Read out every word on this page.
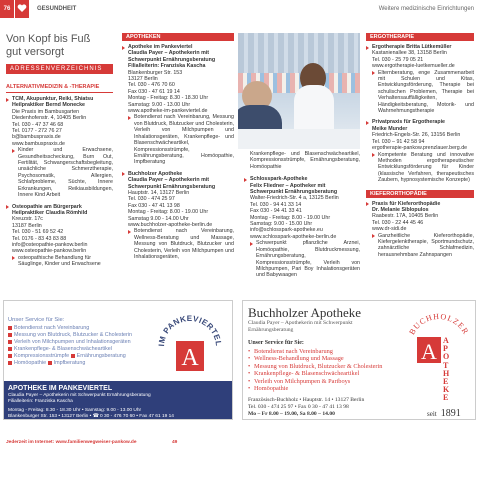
76	GESUNDHEIT	Weitere medizinische Einrichtungen
Von Kopf bis Fuß
gut versorgt
ADRESSENVERZEICHNIS
ALTERNATIVMEDIZIN & -THERAPIE
TCM, Akupunktur, Reiki, Shiatsu
Heilpraktiker Bernd Monecke
Die Praxis im Bambusgarten
Diedenhofenstr. 4, 10405 Berlin
Tel. 030 - 47 37 46 68
Tel. 0177 - 272 76 27
b@bambuspraxis.de
www.bambuspraxis.de
Kinder und Erwachsene, Gesundheitsscheckung, Burn Out, Fertilität, Schwangerschaftsbegleitung, unsächliche Schmerztherapie, Psychosomatik, Allergien, Schlafprobleme, Süchte, Innere Erkrankungen, Reikiausbildungen, Innere Kind Arbeit
Osteopathie am Bürgerpark
Heilpraktiker Claudia Römhild
Kreuzstr. 17c
13187 Berlin
Tel. 030 - 51 69 52 42
Tel. 0176 - 83 43 83 88
info@osteopathie-pankow.berlin
www.osteopathie-pankow.berlin
osteopathische Behandlung für Säuglinge, Kinder und Erwachsene
APOTHEKEN
Apotheke im Pankeviertel
Claudia Payer – Apothekerin mit Schwerpunkt Ernährungsberatung
Filialleiterin: Franziska Kascha
Blankenburger Str. 153
13127 Berlin
Tel. 030 - 476 70 60
Fax 030 - 47 61 19 14
Montag - Freitag: 8.30 - 18.30 Uhr
Samstag: 9.00 - 13.00 Uhr
www.apotheke-im-pankeviertel.de
Botendienst nach Vereinbarung, Messung von Blutdruck, Blutzucker und Cholesterin, Verleih von Milchpumpen und Inhalationsgeräten, Krankenpflege- und Blasenschwächeartikel, Kompressionsstrümpfe, Ernährungsberatung, Homöopathie, Impfberatung
Buchholzer Apotheke
Claudia Payer – Apothekerin mit Schwerpunkt Ernährungsberatung
Hauptstr. 14, 13127 Berlin
Tel. 030 - 474 25 97
Fax 030 - 47 41 13 98
Montag - Freitag: 8.00 - 19.00 Uhr
Samstag 9.00 - 14.00 Uhr
www.buchholzer-apotheke-berlin.de
Botendienst nach Vereinbarung, Wellness-Beratung und Massage, Messung von Blutdruck, Blutzucker und Cholesterin, Verleih von Milchpumpen und Inhalationsgeräten,
Krankenpflege- und Blasenschwächeartikel, Kompressionsstrümpfe, Ernährungsberatung, Homöopathie
Schlosspark-Apotheke
Felix Fliedner – Apotheker mit Schwerpunkt Ernährungsberatung
Walter-Friedrich-Str. 4 a, 13125 Berlin
Tel. 030 - 94 41 33 14
Fax 030 - 94 41 33 41
Montag - Freitag: 8.00 - 19.00 Uhr
Samstag: 9.00 - 15.00 Uhr
info@schlosspark-apotheke.eu
www.schlosspark-apotheke-berlin.de
Schwerpunkt pflanzliche Arznei, Homöopathie, Blutdruckmessung, Ernährungsberatung, Kompressionsstrümpfe, Verleih von Milchpumpen, Pari Boy Inhalationsgeräten und Babywaagen
ERGOTHERAPIE
Ergotherapie Britta Lütkemüller
Kastanienallee 38, 13158 Berlin
Tel. 030 - 25 79 05 21
www.ergotherapie-luetkemueller.de
Elternberatung, enge Zusammenarbeit mit Schulen und Kitas, Entwicklungsförderung, Therapie bei schulischen Problemen, Therapie bei Verhaltensauffälligkeiten, Händigkeitsberatung, Motorik- und Wahrnehmungstherapie
Privatpraxis für Ergotherapie
Meike Munder
Friedrich-Engels-Str. 26, 13156 Berlin
Tel. 030 – 91 42 58 94
ergotherapie-pankow.prenzlauer.berg.de
Kompetente Beratung und innovative Methoden ergotherapeutischer Entwicklungsförderung für Kinder (klassische Verfahren, therapeutisches Zaubern, hypnosystemische Konzepte)
KIEFERORTHOPÄDIE
Praxis für Kieferorthopädie
Dr. Melanie Siblopulos
Raabestr. 17A, 10405 Berlin
Tel. 030 - 22 44 45 46
www.dr-sidi.de
Ganzheitliche Kieferorthopädie, Kiefergelenktherapie, Sportmundschutz, zahnärztliche Schlafmedizin, herausnehmbare Zahnspangen
Unser Service für Sie:
Botendienst nach Vereinbarung
Messung von Blutdruck, Blutzucker & Cholesterin
Verleih von Milchpumpen und Inhalationsgeräten
Krankenpflege- & Blasenschwächeartikel
Kompressionsstrümpfe Ernährungsberatung
Homöopathie Impfberatung
IM PANKEVIERTEL
A
APOTHEKE IM PANKEVIERTEL
Claudia Payer – Apothekerin mit Schwerpunkt Ernährungsberatung
Filialleiterin: Franziska Kascha
Montag - Freitag: 8.30 - 18.30 Uhr • Samstag: 9.00 - 13.00 Uhr
Blankenburger Str. 153 • 13127 Berlin • ☎ 0 30 - 476 70 60 • Fax 47 61 19 14
Buchholzer Apotheke
Claudia Payer – Apothekerin mit Schwerpunkt
Ernährungsberatung
Unser Service für Sie:
• Botendienst nach Vereinbarung
• Wellness-Behandlung und Massage
• Messung von Blutdruck, Blutzucker & Cholesterin
• Krankenpflege- & Blasenschwächeartikel
• Verleih von Milchpumpen & Pariboys
• Homöopathie
Französisch-Buchholz • Hauptstr. 14 • 13127 Berlin
Tel. 030 - 474 25 97 • Fax 0 30 - 47 41 13 98
Mo – Fr 8.00 – 19.00, Sa 8.00 – 14.00
BUCHHOLZER
A APOTHEKE
seit 1891
Jederzeit im Internet: www.familienwegweiser-pankow.de	49
